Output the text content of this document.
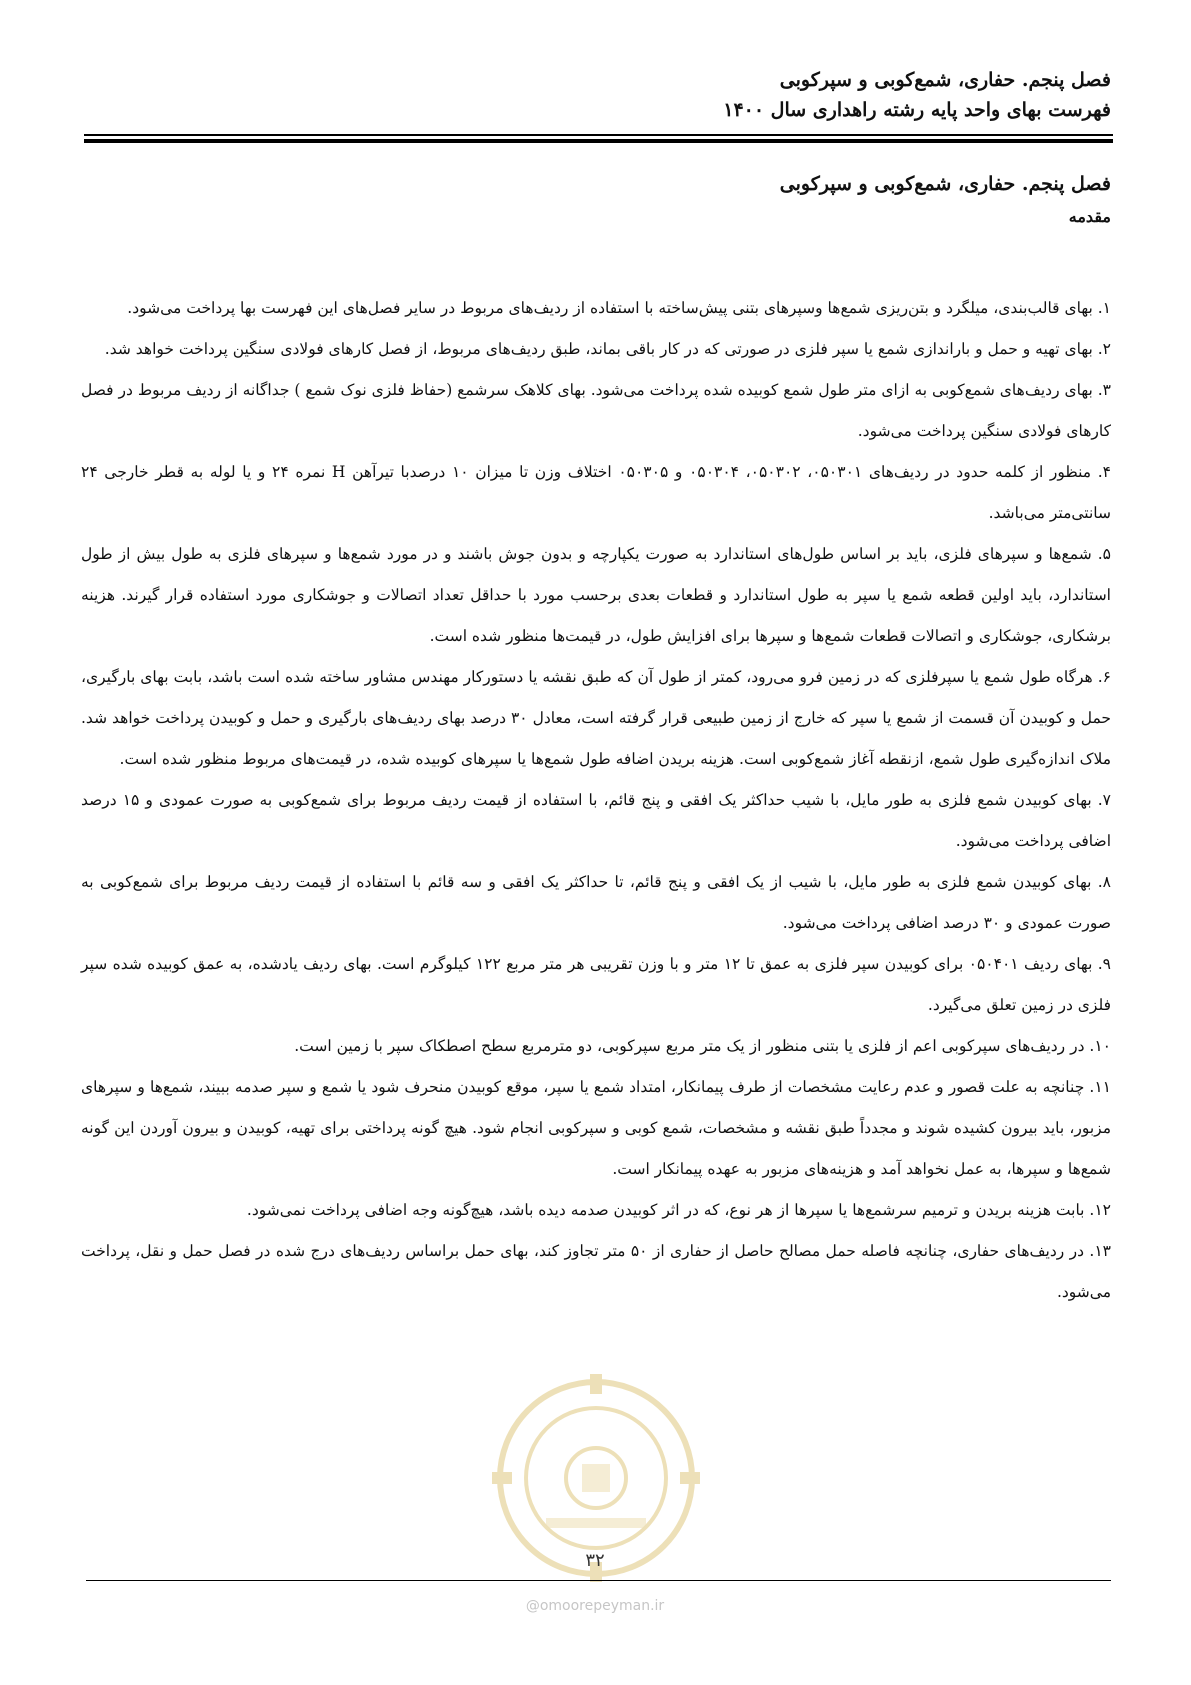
فصل پنجم. حفاری، شمع‌کوبی و سپرکوبی
فهرست بهای واحد پایه رشته راهداری سال ۱۴۰۰
فصل پنجم. حفاری، شمع‌کوبی و سپرکوبی
مقدمه

۱. بهای قالب‌بندی، میلگرد و بتن‌ریزی شمع‌ها وسپرهای بتنی پیش‌ساخته با استفاده از ردیف‌های مربوط در سایر فصل‌های این فهرست بها پرداخت می‌شود.

۲. بهای تهیه و حمل و باراندازی شمع یا سپر فلزی در صورتی که در کار باقی بماند، طبق ردیف‌های مربوط، از فصل کارهای فولادی سنگین پرداخت خواهد شد.

۳. بهای ردیف‌های شمع‌کوبی به ازای متر طول شمع کوبیده شده پرداخت می‌شود. بهای کلاهک سرشمع (حفاظ فلزی نوک شمع ) جداگانه از ردیف مربوط در فصل کارهای فولادی سنگین پرداخت می‌شود.

۴. منظور از کلمه حدود در ردیف‌های ۰۵۰۳۰۱، ۰۵۰۳۰۲، ۰۵۰۳۰۴ و ۰۵۰۳۰۵ اختلاف وزن تا میزان ۱۰ درصدبا تیرآهن H نمره ۲۴ و یا لوله به قطر خارجی ۲۴ سانتی‌متر می‌باشد.

۵. شمع‌ها و سپرهای فلزی، باید بر اساس طول‌های استاندارد به صورت یکپارچه و بدون جوش باشند و در مورد شمع‌ها و سپرهای فلزی به طول بیش از طول استاندارد، باید اولین قطعه شمع یا سپر به طول استاندارد و قطعات بعدی برحسب مورد با حداقل تعداد اتصالات و جوشکاری مورد استفاده قرار گیرند. هزینه برشکاری، جوشکاری و اتصالات قطعات شمع‌ها و سپرها برای افزایش طول، در قیمت‌ها منظور شده است.

۶. هرگاه طول شمع یا سپرفلزی که در زمین فرو می‌رود، کمتر از طول آن که طبق نقشه یا دستورکار مهندس مشاور ساخته شده است باشد، بابت بهای بارگیری، حمل و کوبیدن آن قسمت از شمع یا سپر که خارج از زمین طبیعی قرار گرفته است، معادل ۳۰ درصد بهای ردیف‌های بارگیری و حمل و کوبیدن پرداخت خواهد شد. ملاک اندازه‌گیری طول شمع، ازنقطه آغاز شمع‌کوبی است. هزینه بریدن اضافه طول شمع‌ها یا سپرهای کوبیده شده، در قیمت‌های مربوط منظور شده است.

۷. بهای کوبیدن شمع فلزی به طور مایل، با شیب حداکثر یک افقی و پنج قائم، با استفاده از قیمت ردیف مربوط برای شمع‌کوبی به صورت عمودی و ۱۵ درصد اضافی پرداخت می‌شود.

۸. بهای کوبیدن شمع فلزی به طور مایل، با شیب از یک افقی و پنج قائم، تا حداکثر یک افقی و سه قائم با استفاده از قیمت ردیف مربوط برای شمع‌کوبی به صورت عمودی و ۳۰ درصد اضافی پرداخت می‌شود.

۹. بهای ردیف ۰۵۰۴۰۱ برای کوبیدن سپر فلزی به عمق تا ۱۲ متر و با وزن تقریبی هر متر مربع ۱۲۲ کیلوگرم است. بهای ردیف یادشده، به عمق کوبیده شده سپر فلزی در زمین تعلق می‌گیرد.

۱۰. در ردیف‌های سپرکوبی اعم از فلزی یا بتنی منظور از یک متر مربع سپرکوبی، دو مترمربع سطح اصطکاک سپر با زمین است.

۱۱. چنانچه به علت قصور و عدم رعایت مشخصات از طرف پیمانکار، امتداد شمع یا سپر، موقع کوبیدن منحرف شود یا شمع و سپر صدمه ببیند، شمع‌ها و سپرهای مزبور، باید بیرون کشیده شوند و مجدداً طبق نقشه و مشخصات، شمع کوبی و سپرکوبی انجام شود. هیچ گونه پرداختی برای تهیه، کوبیدن و بیرون آوردن این گونه شمع‌ها و سپرها، به عمل نخواهد آمد و هزینه‌های مزبور به عهده پیمانکار است.

۱۲. بابت هزینه بریدن و ترمیم سرشمع‌ها یا سپرها از هر نوع، که در اثر کوبیدن صدمه دیده باشد، هیچ‌گونه وجه اضافی پرداخت نمی‌شود.

۱۳. در ردیف‌های حفاری، چنانچه فاصله حمل مصالح حاصل از حفاری از ۵۰ متر تجاوز کند، بهای حمل براساس ردیف‌های درج شده در فصل حمل و نقل، پرداخت می‌شود.

۳۲
@omoorepeyman.ir
